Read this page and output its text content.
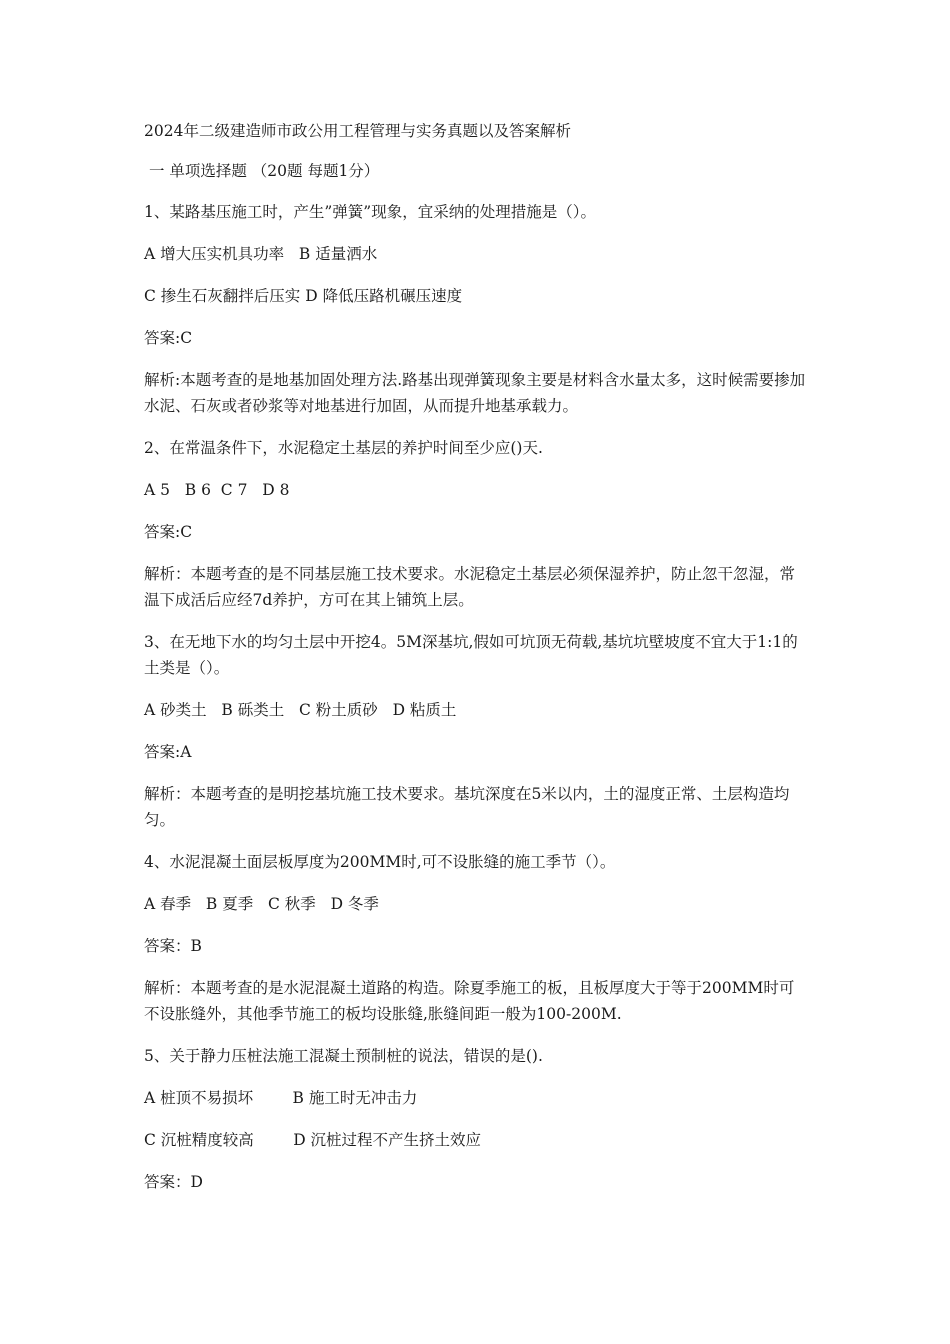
2024年二级建造师市政公用工程管理与实务真题以及答案解析

一 单项选择题 （20题 每题1分）

1、某路基压施工时，产生”弹簧”现象，宜采纳的处理措施是（）。

A 增大压实机具功率   B 适量洒水

C 掺生石灰翻拌后压实 D 降低压路机碾压速度

答案:C

解析:本题考查的是地基加固处理方法.路基出现弹簧现象主要是材料含水量太多，这时候需要掺加水泥、石灰或者砂浆等对地基进行加固，从而提升地基承载力。

2、在常温条件下，水泥稳定土基层的养护时间至少应()天.

A 5   B 6  C 7   D 8

答案:C

解析：本题考查的是不同基层施工技术要求。水泥稳定土基层必须保湿养护，防止忽干忽湿，常温下成活后应经7d养护，方可在其上铺筑上层。

3、在无地下水的均匀土层中开挖4。5M深基坑,假如可坑顶无荷载,基坑坑壁坡度不宜大于1:1的土类是（）。

A 砂类土   B 砾类土   C 粉土质砂   D 粘质土

答案:A

解析：本题考查的是明挖基坑施工技术要求。基坑深度在5米以内，土的湿度正常、土层构造均匀。

4、水泥混凝土面层板厚度为200MM时,可不设胀缝的施工季节（）。

A 春季   B 夏季   C 秋季   D 冬季

答案：B

解析：本题考查的是水泥混凝土道路的构造。除夏季施工的板，且板厚度大于等于200MM时可不设胀缝外，其他季节施工的板均设胀缝,胀缝间距一般为100-200M.

5、关于静力压桩法施工混凝土预制桩的说法，错误的是().

A 桩顶不易损坏        B 施工时无冲击力

C 沉桩精度较高        D 沉桩过程不产生挤土效应

答案：D
